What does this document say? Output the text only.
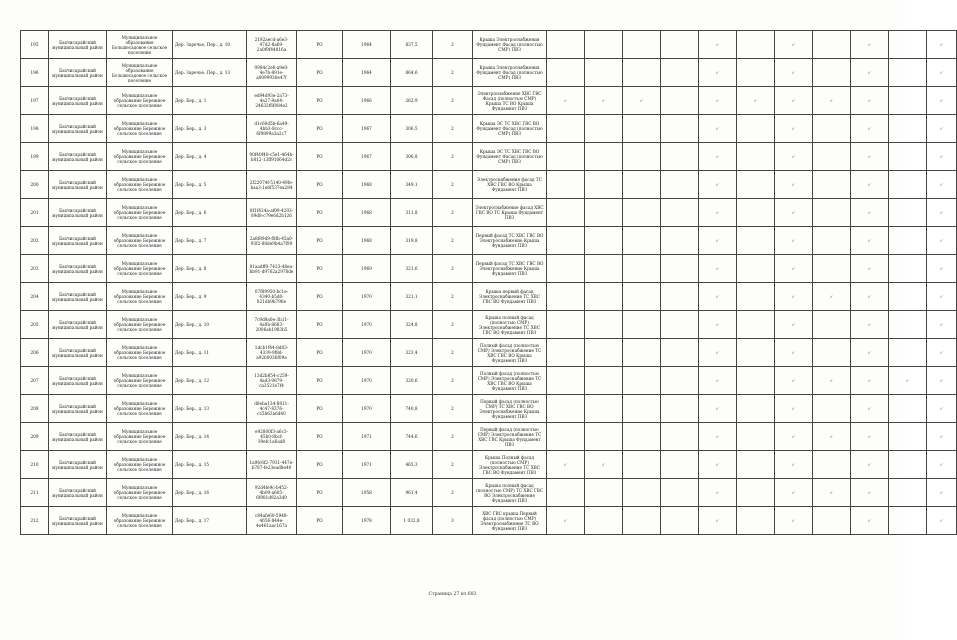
195	Бахчисарайский муниципальный район	Муниципальное образование Большесадовое сельское поселение	Дер. Заречье, Пер., д. 10	2192aecd-a6e3-47d2-8a69-2a0f9f44816a	РО	1964	837,5	2	Крыша Электроснабжения Фундамент Фасад (полностью СМР) ПВЗ					✓		✓		✓		✓
196	Бахчисарайский муниципальный район	Муниципальное образование Большесадовое сельское поселение	Дер. Заречье, Пер., д. 13	0984c2e6-a9e0-4e7b-891e-a0099930e47f	РО	1964	864,6	2	Крыша Электроснабжения Фундамент Фасад (полностью СМР) ПВЗ					✓		✓		✓		✓
197	Бахчисарайский муниципальный район	Муниципальное образование Бережное сельское поселение	Дер. Бер., д. 1	ed94d93e-2a73-4a27-9a64-24632f6f084e2	РО	1966	262,9	2	Электроснабжение ХВС ГВС Фасад (полностью СМР) Крыша ТС ВО Крыша Фундамент ПВЗ	✓	✓	✓		✓	✓	✓	✓	✓		✓
198	Бахчисарайский муниципальный район	Муниципальное образование Бережное сельское поселение	Дер. Бер., д. 3	d1c60d5b-6a49-4bb3-8ccc-6f9899a3a2c7	РО	1967	306,5	2	Крыша ЭС ТС ХВС ГВС ВО Фундамент Фасад (полностью СМР) ПВЗ					✓		✓		✓		✓
199	Бахчисарайский муниципальный район	Муниципальное образование Бережное сельское поселение	Дер. Бер., д. 4	90f40f40-c5e1-464b-b812-13ff91064d2c	РО	1967	306,8	2	Крыша ЭС ТС ХВС ГВС ВО Фундамент Фасад (полностью СМР) ПВЗ					✓		✓		✓		✓
200	Бахчисарайский муниципальный район	Муниципальное образование Бережное сельское поселение	Дер. Бер., д. 5	2f22074f-5140-49fe-baa3-1e6f537ea284	РО	1968	349,1	2	Электроснабжение фасад ТС ХВС ГВС ВО Крыша Фундамент ПВЗ					✓		✓		✓		✓
201	Бахчисарайский муниципальный район	Муниципальное образование Бережное сельское поселение	Дер. Бер., д. 6	8f1f424a-af09-4203-89d8-c79e6d2b126	РО	1968	311,8	2	Электроснабжение фасад ХВС ГВС ВО ТС Крыша Фундамент ПВЗ					✓		✓		✓		✓
202	Бахчисарайский муниципальный район	Муниципальное образование Бережное сельское поселение	Дер. Бер., д. 7	2a8f89d9-f8fb-45a0-93f2-88de9b4a7f99	РО	1968	319,8	2	Первый фасад ТС ХВС ГВС ВО Электроснабжение Крыша Фундамент ПВЗ					✓		✓		✓		✓
203	Бахчисарайский муниципальный район	Муниципальное образование Бережное сельское поселение	Дер. Бер., д. 8	81aadff0-7423-48ea-bb91-d9762a2978de	РО	1969	321,6	2	Первый фасад ТС ХВС ГВС ВО Электроснабжение Крыша Фундамент ПВЗ					✓		✓		✓		✓
204	Бахчисарайский муниципальный район	Муниципальное образование Бережное сельское поселение	Дер. Бер., д. 9	07f89950-bc1e-4340-b5d0-821db9b796e	РО	1970	321,1	2	Крыша первый фасад Электроснабжение ТС ХВС ГВС ВО Фундамент ПВЗ					✓		✓	✓	✓		✓
205	Бахчисарайский муниципальный район	Муниципальное образование Бережное сельское поселение	Дер. Бер., д. 10	7c9d9a0e-3b11-4a0b-8663-2006ab1983b5	РО	1970	324,8	2	Крыша полный фасад (полностью СМР) Электроснабжение ТС ХВС ГВС ВО Фундамент ПВЗ					✓		✓		✓		✓
206	Бахчисарайский муниципальный район	Муниципальное образование Бережное сельское поселение	Дер. Бер., д. 11	1dcb1f44-8d83-4339-9f8d-a9260036f09a	РО	1970	323,4	2	Полный фасад (полностью СМР) Электроснабжение ТС ХВС ГВС ВО Крыша Фундамент ПВЗ					✓		✓		✓		✓
207	Бахчисарайский муниципальный район	Муниципальное образование Бережное сельское поселение	Дер. Бер., д. 12	13d2b854-c259-4ad3-9879-ca3521e7f4	РО	1970	320,6	2	Полный фасад (полностью СМР) Электроснабжение ТС ХВС ГВС ВО Крыша Фундамент ПВЗ					✓		✓	✓	✓	✓	✓
208	Бахчисарайский муниципальный район	Муниципальное образование Бережное сельское поселение	Дер. Бер., д. 13	d8eba134-8811-4c47-8376-cc5b63a6d40	РО	1970	740,8	2	Первый фасад (полностью СМР) ТС ХВС ГВС ВО Электроснабжение Крыша Фундамент ПВЗ					✓		✓		✓		✓
209	Бахчисарайский муниципальный район	Муниципальное образование Бережное сельское поселение	Дер. Бер., д. 14	e92800f3-a6c3-45b0-8bcf-39efc1a6ad8	РО	1971	744,6	2	Первый фасад (полностью СМР) Электроснабжение ТС ХВС ГВС Крыша Фундамент ПВЗ					✓		✓	✓	✓		✓
210	Бахчисарайский муниципальный район	Муниципальное образование Бережное сельское поселение	Дер. Бер., д. 15	1a9fc6f2-7931-447e-b787-fe23ead8e40	РО	1971	465,3	2	Крыша Полный фасад (полностью СМР) Электроснабжение ТС ХВС ГВС ВО Фундамент ПВЗ	✓	✓			✓		✓		✓		✓
211	Бахчисарайский муниципальный район	Муниципальное образование Бережное сельское поселение	Дер. Бер., д. 16	92d4fe9c-b452-4b09-a605-6f981d92a3d9	РО	1958	961,4	2	Крыша полный фасад (полностью СМР) ТС ХВС ГВС ВО Электроснабжение Фундамент ПВЗ					✓		✓	✓	✓		✓
212	Бахчисарайский муниципальный район	Муниципальное образование Бережное сельское поселение	Дер. Бер., д. 17	c84afe60-5948-4656-844e-4e461aac167a	РО	1978	1 032,8	3	ХВС ГВС крыша Первый фасад (полностью СМР) Электроснабжение ТС ВО Фундамент ПВЗ	✓				✓		✓		✓		✓
Страница 27 из 683
